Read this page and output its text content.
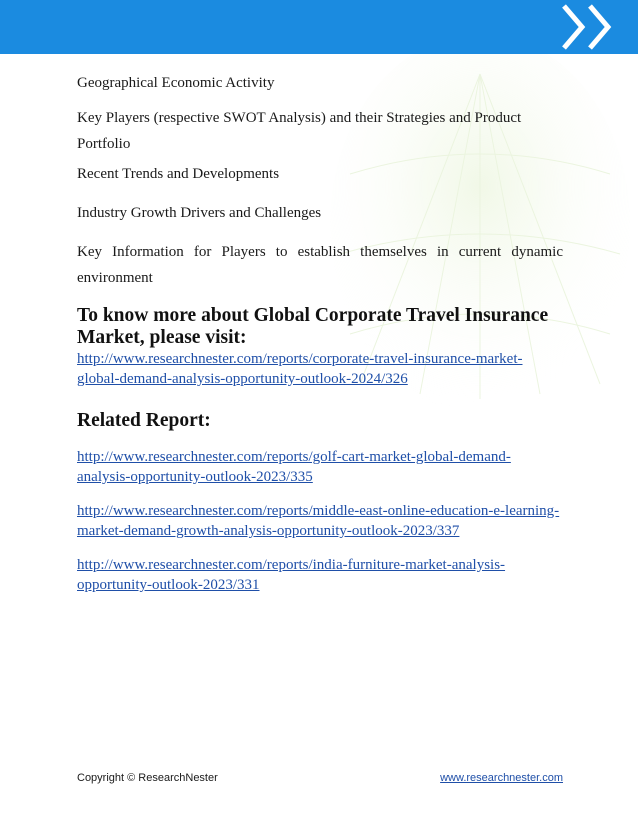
Geographical Economic Activity

Key Players (respective SWOT Analysis) and their Strategies and Product Portfolio

Recent Trends and Developments

Industry Growth Drivers and Challenges

Key Information for Players to establish themselves in current dynamic environment

To know more about Global Corporate Travel Insurance Market, please visit:
http://www.researchnester.com/reports/corporate-travel-insurance-market-global-demand-analysis-opportunity-outlook-2024/326
Related Report:
http://www.researchnester.com/reports/golf-cart-market-global-demand-analysis-opportunity-outlook-2023/335
http://www.researchnester.com/reports/middle-east-online-education-e-learning-market-demand-growth-analysis-opportunity-outlook-2023/337
http://www.researchnester.com/reports/india-furniture-market-analysis-opportunity-outlook-2023/331
Copyright © ResearchNester	www.researchnester.com
